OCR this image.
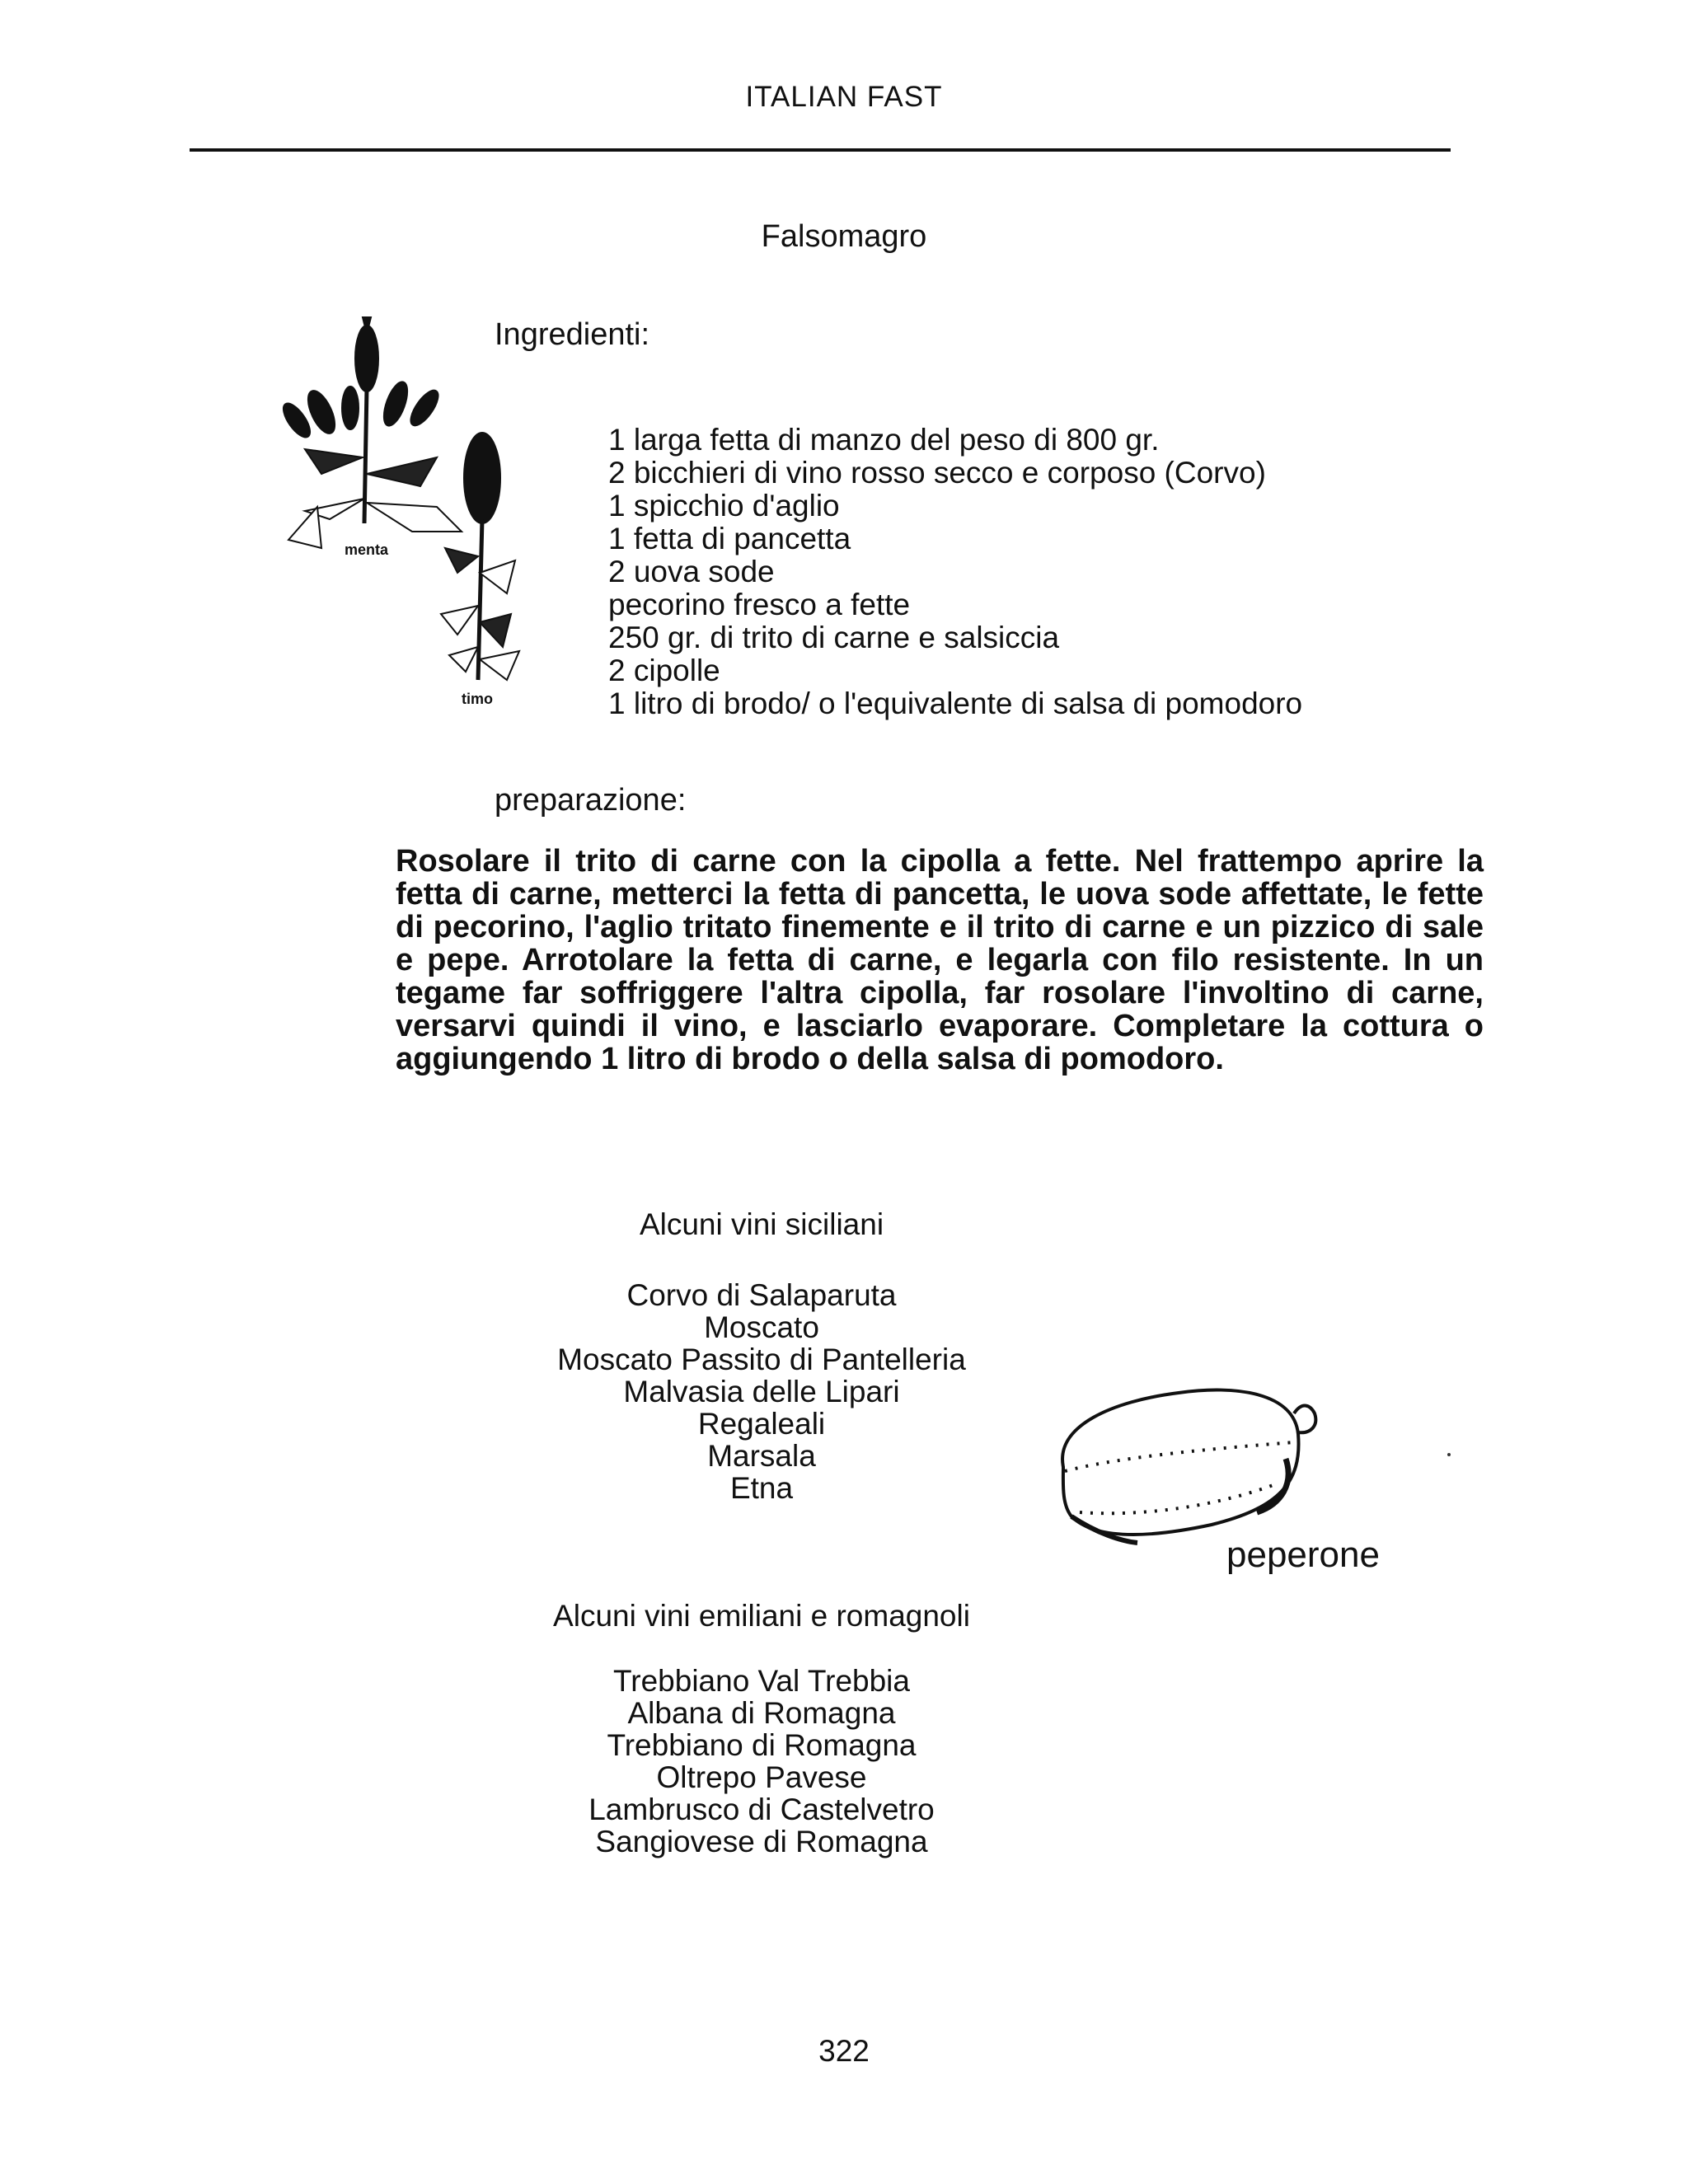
ITALIAN FAST
Falsomagro
menta
timo
Ingredienti:
1 larga fetta di manzo del peso di 800 gr.
2 bicchieri di vino rosso secco e corposo (Corvo)
1 spicchio d'aglio
1 fetta di pancetta
2 uova sode
pecorino fresco a fette
250 gr. di trito di carne e salsiccia
2 cipolle
1 litro di brodo/ o l'equivalente di salsa di pomodoro
preparazione:
Rosolare il trito di carne con la cipolla a fette. Nel frattempo aprire la fetta di carne, metterci la fetta di pancetta, le uova sode affettate, le fette di pecorino, l'aglio tritato finemente e il trito di carne e un pizzico di sale e pepe. Arrotolare la fetta di carne, e legarla con filo resistente. In un tegame far soffriggere l'altra cipolla, far rosolare l'involtino di carne, versarvi quindi il vino, e lasciarlo evaporare. Completare la cottura o aggiungendo 1 litro di brodo o della salsa di pomodoro.
Alcuni vini siciliani
Corvo di Salaparuta
Moscato
Moscato Passito di Pantelleria
Malvasia delle Lipari
Regaleali
Marsala
Etna
peperone
Alcuni vini emiliani e romagnoli
Trebbiano Val Trebbia
Albana di Romagna
Trebbiano di Romagna
Oltrepo Pavese
Lambrusco di Castelvetro
Sangiovese di Romagna
322
